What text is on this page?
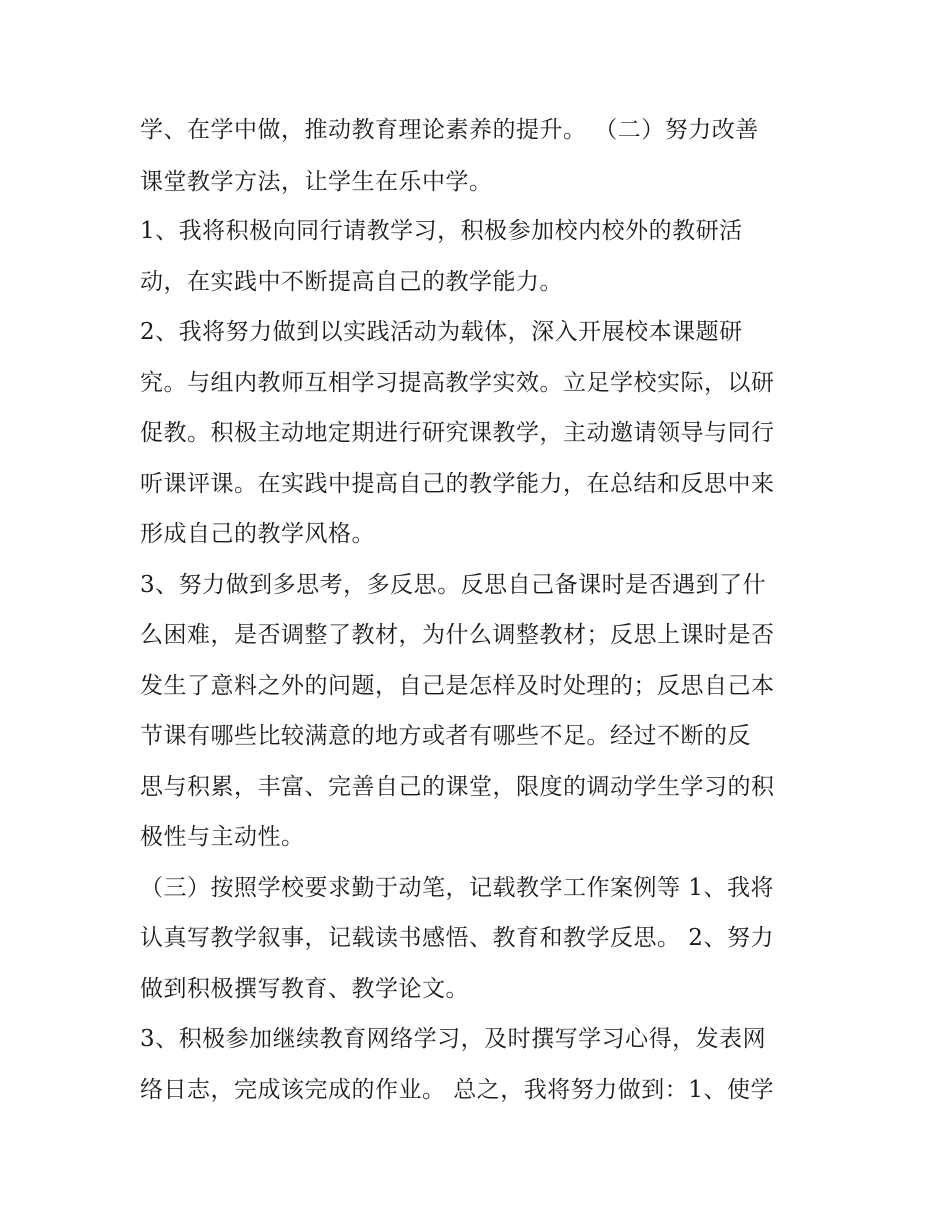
学、在学中做，推动教育理论素养的提升。 （二）努力改善
课堂教学方法，让学生在乐中学。
1、我将积极向同行请教学习，积极参加校内校外的教研活
动，在实践中不断提高自己的教学能力。
2、我将努力做到以实践活动为载体，深入开展校本课题研
究。与组内教师互相学习提高教学实效。立足学校实际，以研
促教。积极主动地定期进行研究课教学，主动邀请领导与同行
听课评课。在实践中提高自己的教学能力，在总结和反思中来
形成自己的教学风格。
3、努力做到多思考，多反思。反思自己备课时是否遇到了什
么困难，是否调整了教材，为什么调整教材；反思上课时是否
发生了意料之外的问题，自己是怎样及时处理的；反思自己本
节课有哪些比较满意的地方或者有哪些不足。经过不断的反
思与积累，丰富、完善自己的课堂，限度的调动学生学习的积
极性与主动性。
（三）按照学校要求勤于动笔，记载教学工作案例等 1、我将
认真写教学叙事，记载读书感悟、教育和教学反思。 2、努力
做到积极撰写教育、教学论文。
3、积极参加继续教育网络学习，及时撰写学习心得，发表网
络日志，完成该完成的作业。 总之，我将努力做到：1、使学
